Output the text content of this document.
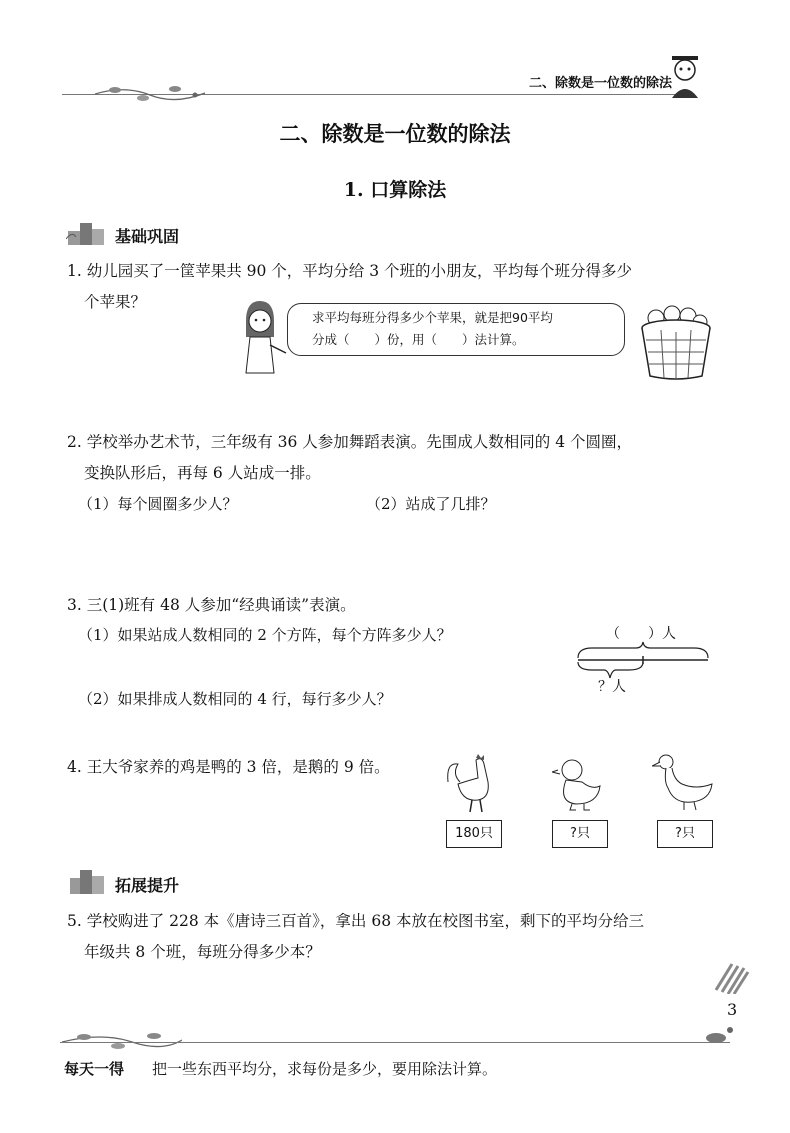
二、除数是一位数的除法
二、除数是一位数的除法
1. 口算除法
基础巩固
1. 幼儿园买了一筐苹果共 90 个，平均分给 3 个班的小朋友，平均每个班分得多少
个苹果？
求平均每班分得多少个苹果，就是把90平均
分成（　　）份，用（　　）法计算。
2. 学校举办艺术节，三年级有 36 人参加舞蹈表演。先围成人数相同的 4 个圆圈，
变换队形后，再每 6 人站成一排。
（1）每个圆圈多少人？	（2）站成了几排？
3. 三(1)班有 48 人参加“经典诵读”表演。
（1）如果站成人数相同的 2 个方阵，每个方阵多少人？
（2）如果排成人数相同的 4 行，每行多少人？
（　　）人
？人
4. 王大爷家养的鸡是鸭的 3 倍，是鹅的 9 倍。
180只	?只	?只
拓展提升
5. 学校购进了 228 本《唐诗三百首》，拿出 68 本放在校图书室，剩下的平均分给三
年级共 8 个班，每班分得多少本？
3
每天一得 把一些东西平均分，求每份是多少，要用除法计算。
